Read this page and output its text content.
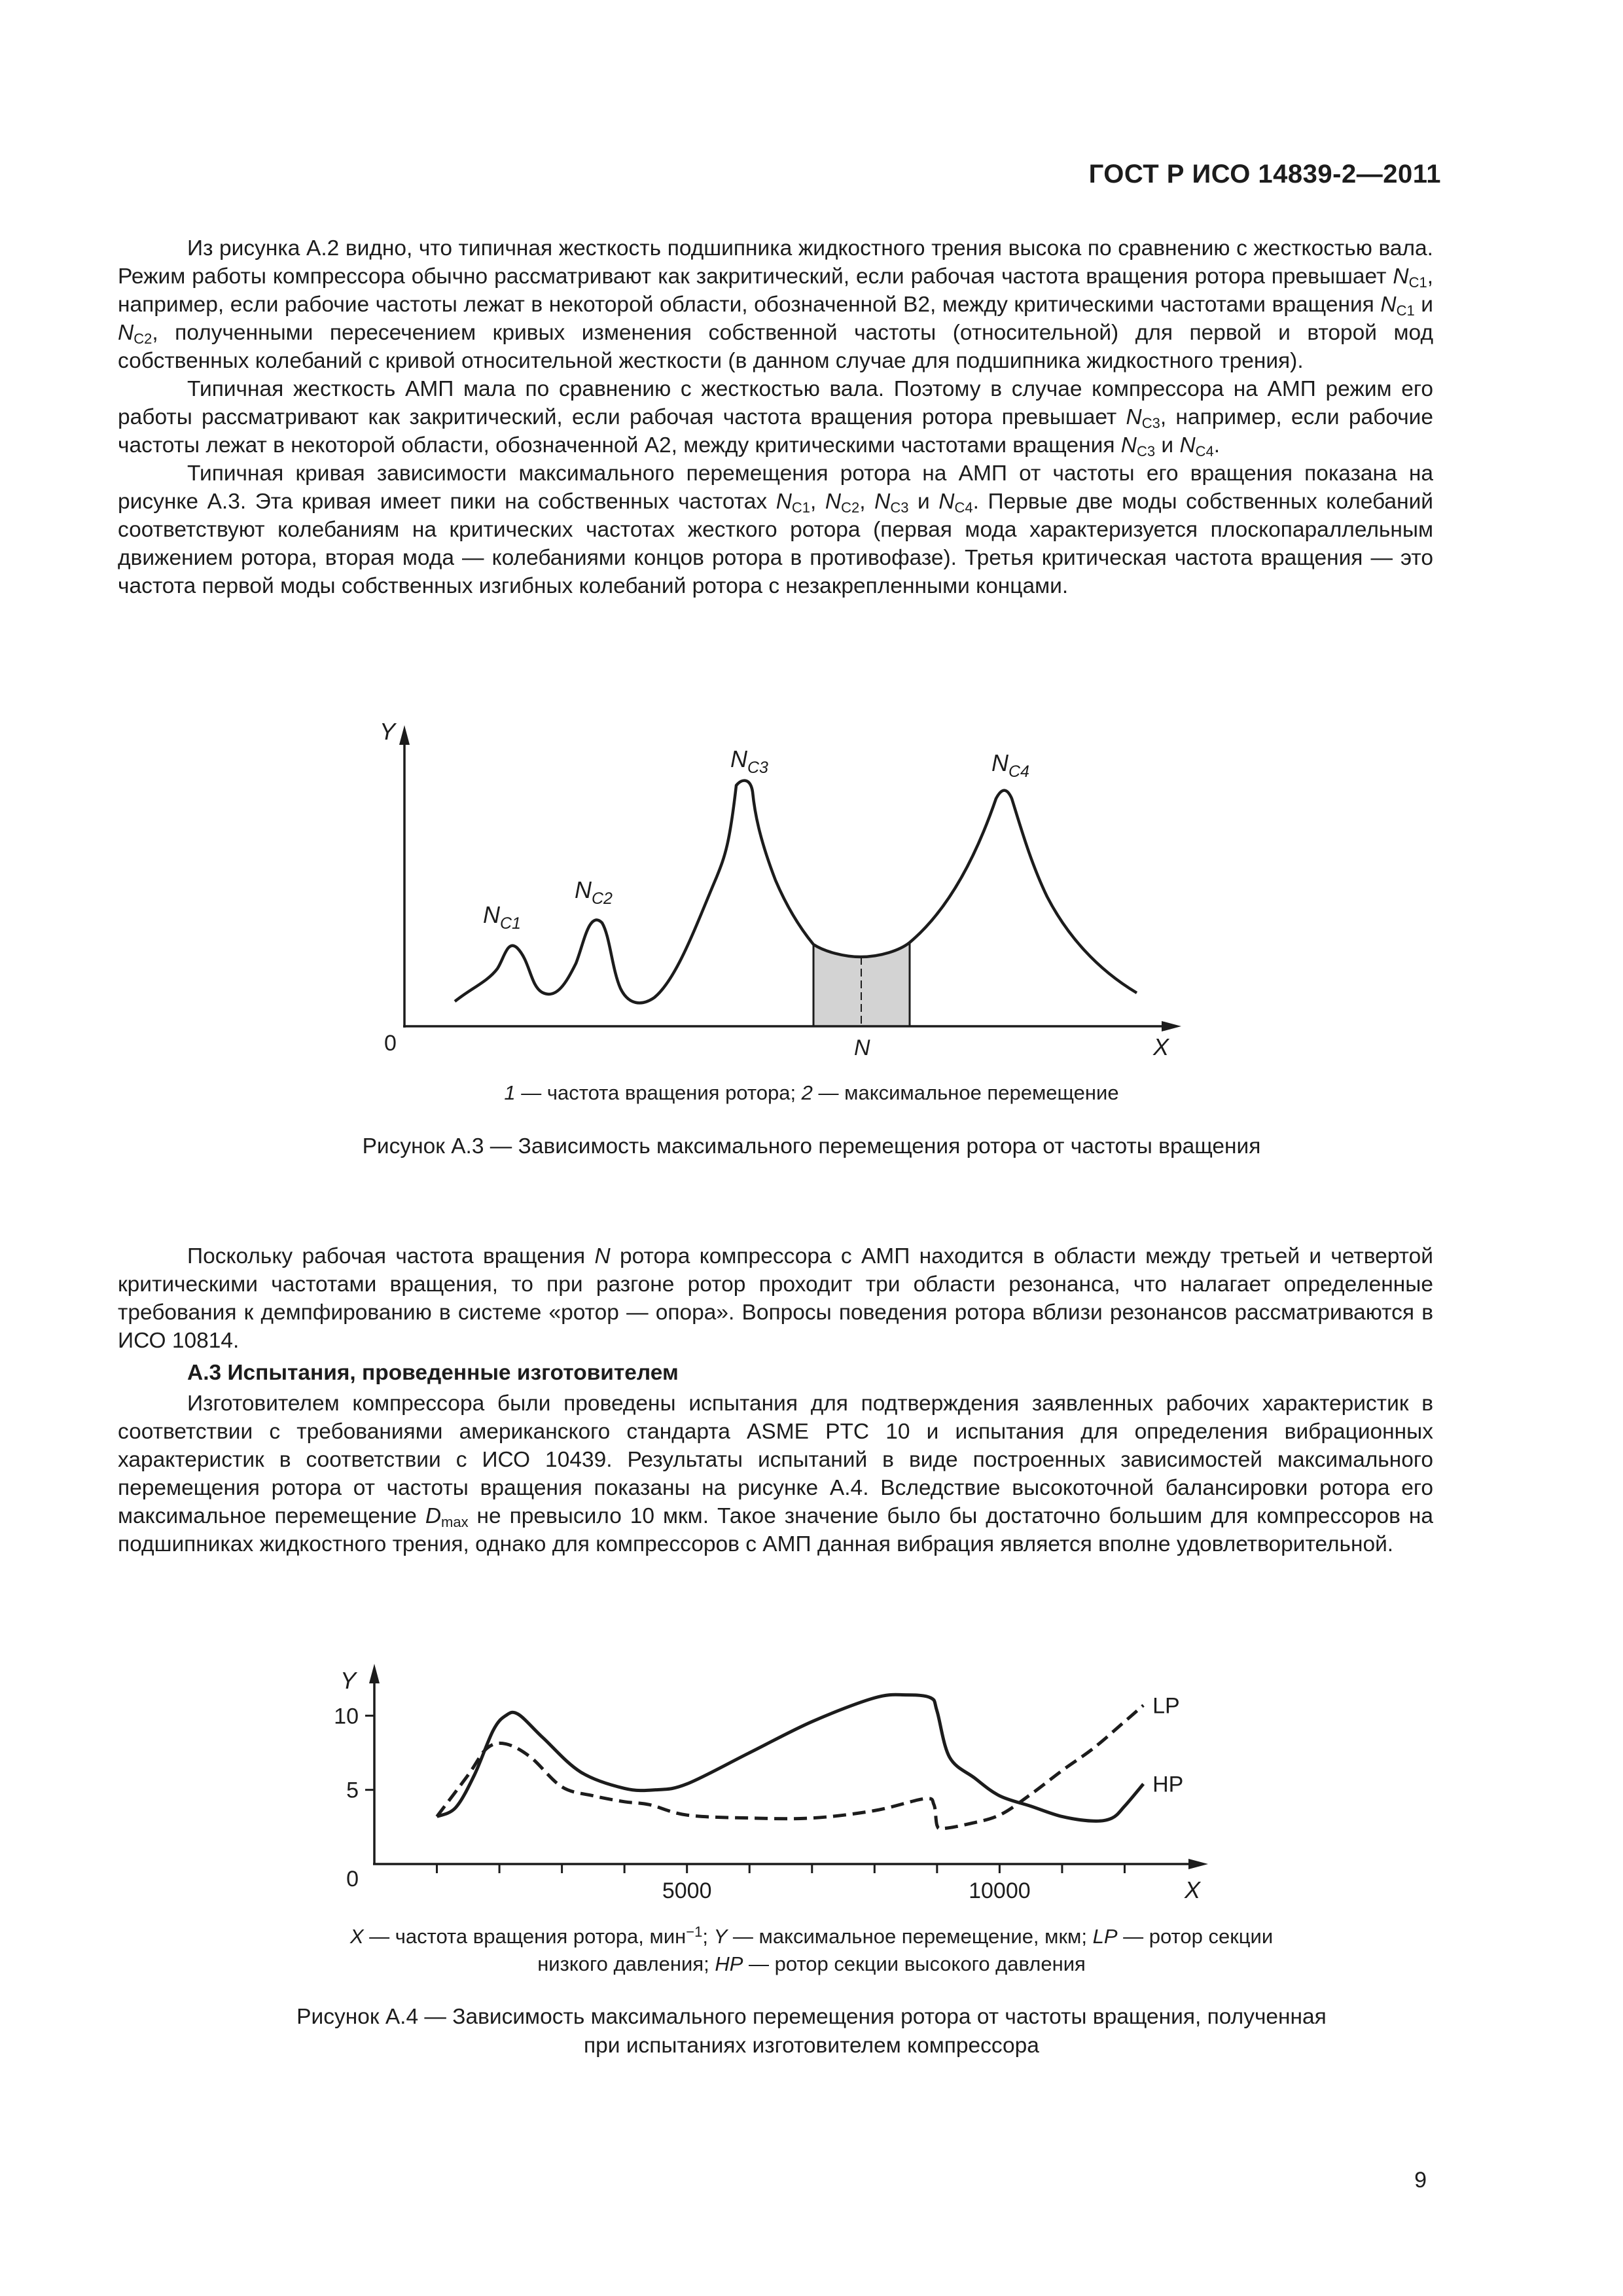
ГОСТ Р ИСО 14839-2—2011

Из рисунка А.2 видно, что типичная жесткость подшипника жидкостного трения высока по сравнению с жесткостью вала. Режим работы компрессора обычно рассматривают как закритический, если рабочая частота вращения ротора превышает $N_{C1}$, например, если рабочие частоты лежат в некоторой области, обозначенной В2, между критическими частотами вращения $N_{C1}$ и $N_{C2}$, полученными пересечением кривых изменения собственной частоты (относительной) для первой и второй мод собственных колебаний с кривой относительной жесткости (в данном случае для подшипника жидкостного трения).

Типичная жесткость АМП мала по сравнению с жесткостью вала. Поэтому в случае компрессора на АМП режим его работы рассматривают как закритический, если рабочая частота вращения ротора превышает $N_{C3}$, например, если рабочие частоты лежат в некоторой области, обозначенной А2, между критическими частотами вращения $N_{C3}$ и $N_{C4}$.

Типичная кривая зависимости максимального перемещения ротора на АМП от частоты его вращения показана на рисунке А.3. Эта кривая имеет пики на собственных частотах $N_{C1}$, $N_{C2}$, $N_{C3}$ и $N_{C4}$. Первые две моды собственных колебаний соответствуют колебаниям на критических частотах жесткого ротора (первая мода характеризуется плоскопараллельным движением ротора, вторая мода — колебаниями концов ротора в противофазе). Третья критическая частота вращения — это частота первой моды собственных изгибных колебаний ротора с незакрепленными концами.

Y
X
0	N
$N_{C1}$
$N_{C2}$
$N_{C3}$	$N_{C4}$
1 — частота вращения ротора; 2 — максимальное перемещение
Рисунок А.3 — Зависимость максимального перемещения ротора от частоты вращения

Поскольку рабочая частота вращения N ротора компрессора с АМП находится в области между третьей и четвертой критическими частотами вращения, то при разгоне ротор проходит три области резонанса, что налагает определенные требования к демпфированию в системе «ротор — опора». Вопросы поведения ротора вблизи резонансов рассматриваются в ИСО 10814.

А.3 Испытания, проведенные изготовителем

Изготовителем компрессора были проведены испытания для подтверждения заявленных рабочих характеристик в соответствии с требованиями американского стандарта ASME PTC 10 и испытания для определения вибрационных характеристик в соответствии с ИСО 10439. Результаты испытаний в виде построенных зависимостей максимального перемещения ротора от частоты вращения показаны на рисунке А.4. Вследствие высокоточной балансировки ротора его максимальное перемещение $D_{max}$ не превысило 10 мкм. Такое значение было бы достаточно большим для компрессоров на подшипниках жидкостного трения, однако для компрессоров с АМП данная вибрация является вполне удовлетворительной.

Y
X
5000	10000
0
5
10	LP
HP
X — частота вращения ротора, мин$^{-1}$; Y — максимальное перемещение, мкм; LP — ротор секции
низкого давления; HP — ротор секции высокого давления
Рисунок А.4 — Зависимость максимального перемещения ротора от частоты вращения, полученная
при испытаниях изготовителем компрессора
9
